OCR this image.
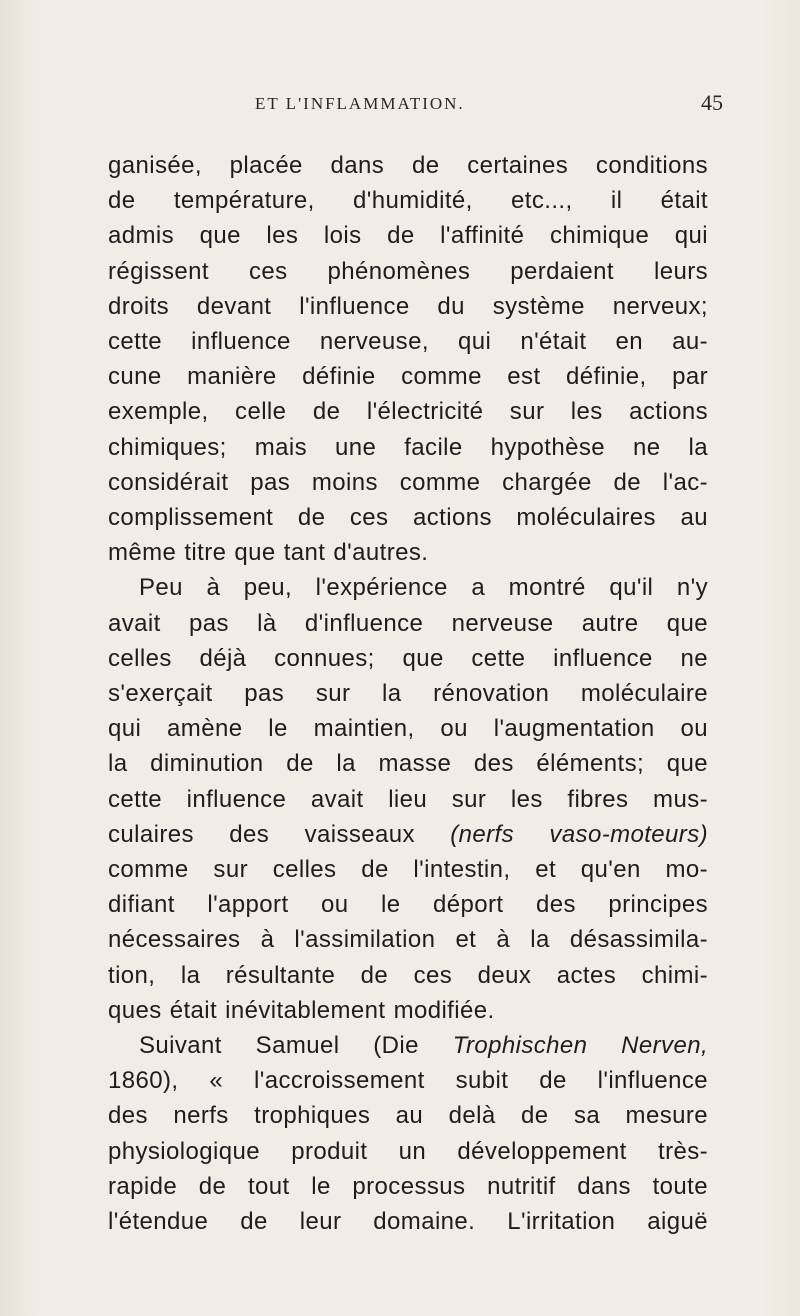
ET L'INFLAMMATION.	45
ganisée, placée dans de certaines conditions
de température, d'humidité, etc..., il était
admis que les lois de l'affinité chimique qui
régissent ces phénomènes perdaient leurs
droits devant l'influence du système nerveux;
cette influence nerveuse, qui n'était en au-
cune manière définie comme est définie, par
exemple, celle de l'électricité sur les actions
chimiques; mais une facile hypothèse ne la
considérait pas moins comme chargée de l'ac-
complissement de ces actions moléculaires au
même titre que tant d'autres.
Peu à peu, l'expérience a montré qu'il n'y
avait pas là d'influence nerveuse autre que
celles déjà connues; que cette influence ne
s'exerçait pas sur la rénovation moléculaire
qui amène le maintien, ou l'augmentation ou
la diminution de la masse des éléments; que
cette influence avait lieu sur les fibres mus-
culaires des vaisseaux (nerfs vaso-moteurs)
comme sur celles de l'intestin, et qu'en mo-
difiant l'apport ou le déport des principes
nécessaires à l'assimilation et à la désassimila-
tion, la résultante de ces deux actes chimi-
ques était inévitablement modifiée.
Suivant Samuel (Die Trophischen Nerven,
1860), « l'accroissement subit de l'influence
des nerfs trophiques au delà de sa mesure
physiologique produit un développement très-
rapide de tout le processus nutritif dans toute
l'étendue de leur domaine. L'irritation aiguë
